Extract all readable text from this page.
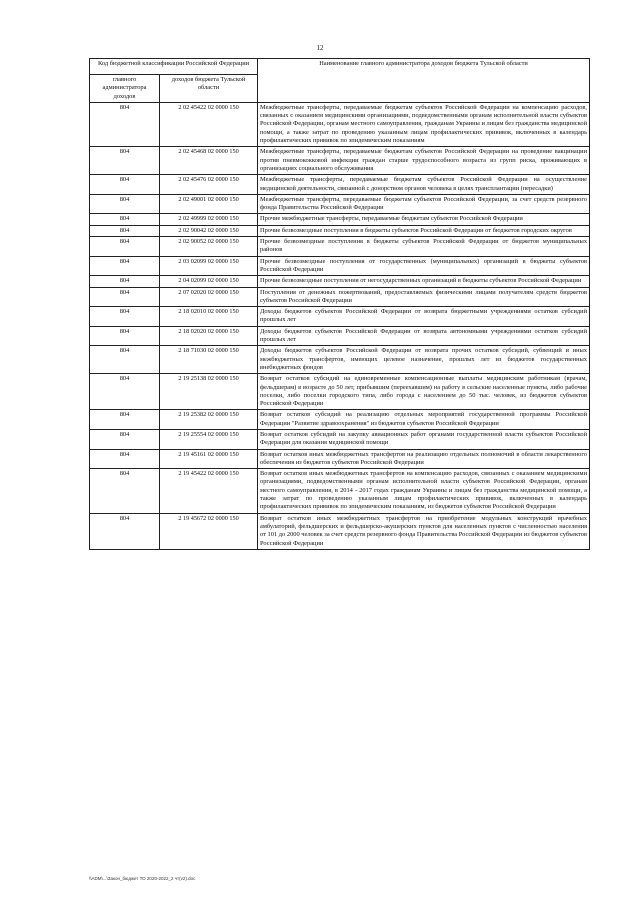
12
Код бюджетной классификации Российской Федерации		Наименование главного администратора доходов бюджета Тульской области
главного администратора доходов	доходов бюджета Тульской области	
804	2 02 45422 02 0000 150	Межбюджетные трансферты, передаваемые бюджетам субъектов Российской Федерации на компенсацию расходов, связанных с оказанием медицинскими организациями, подведомственными органам исполнительной власти субъектов Российской Федерации, органам местного самоуправления, гражданам Украины и лицам без гражданства медицинской помощи, а также затрат по проведению указанным лицам профилактических прививок, включенных в календарь профилактических прививок по эпидемическим показаниям
804	2 02 45468 02 0000 150	Межбюджетные трансферты, передаваемые бюджетам субъектов Российской Федерации на проведение вакцинации против пневмококковой инфекции граждан старше трудоспособного возраста из групп риска, проживающих в организациях социального обслуживания
804	2 02 45476 02 0000 150	Межбюджетные трансферты, передаваемые бюджетам субъектов Российской Федерации на осуществление медицинской деятельности, связанной с донорством органов человека в целях трансплантации (пересадки)
804	2 02 49001 02 0000 150	Межбюджетные трансферты, передаваемые бюджетам субъектов Российской Федерации, за счет средств резервного фонда Правительства Российской Федерации
804	2 02 49999 02 0000 150	Прочие межбюджетные трансферты, передаваемые бюджетам субъектов Российской Федерации
804	2 02 90042 02 0000 150	Прочие безвозмездные поступления в бюджеты субъектов Российской Федерации от бюджетов городских округов
804	2 02 90052 02 0000 150	Прочие безвозмездные поступления в бюджеты субъектов Российской Федерации от бюджетов муниципальных районов
804	2 03 02099 02 0000 150	Прочие безвозмездные поступления от государственных (муниципальных) организаций в бюджеты субъектов Российской Федерации
804	2 04 02099 02 0000 150	Прочие безвозмездные поступления от негосударственных организаций в бюджеты субъектов Российской Федерации
804	2 07 02020 02 0000 150	Поступления от денежных пожертвований, предоставляемых физическими лицами получателям средств бюджетов субъектов Российской Федерации
804	2 18 02010 02 0000 150	Доходы бюджетов субъектов Российской Федерации от возврата бюджетными учреждениями остатков субсидий прошлых лет
804	2 18 02020 02 0000 150	Доходы бюджетов субъектов Российской Федерации от возврата автономными учреждениями остатков субсидий прошлых лет
804	2 18 71030 02 0000 150	Доходы бюджетов субъектов Российской Федерации от возврата прочих остатков субсидий, субвенций и иных межбюджетных трансфертов, имеющих целевое назначение, прошлых лет из бюджетов государственных внебюджетных фондов
804	2 19 25138 02 0000 150	Возврат остатков субсидий на единовременные компенсационные выплаты медицинским работникам (врачам, фельдшерам) в возрасте до 50 лет, прибывшим (переехавшим) на работу в сельские населенные пункты, либо рабочие поселки, либо поселки городского типа, либо города с населением до 50 тыс. человек, из бюджетов субъектов Российской Федерации
804	2 19 25382 02 0000 150	Возврат остатков субсидий на реализацию отдельных мероприятий государственной программы Российской Федерации "Развитие здравоохранения" из бюджетов субъектов Российской Федерации
804	2 19 25554 02 0000 150	Возврат остатков субсидий на закупку авиационных работ органами государственной власти субъектов Российской Федерации для оказания медицинской помощи
804	2 19 45161 02 0000 150	Возврат остатков иных межбюджетных трансфертов на реализацию отдельных полномочий в области лекарственного обеспечения из бюджетов субъектов Российской Федерации
804	2 19 45422 02 0000 150	Возврат остатков иных межбюджетных трансфертов на компенсацию расходов, связанных с оказанием медицинскими организациями, подведомственными органам исполнительной власти субъектов Российской Федерации, органам местного самоуправления, в 2014 - 2017 годах гражданам Украины и лицам без гражданства медицинской помощи, а также затрат по проведению указанным лицам профилактических прививок, включенных в календарь профилактических прививок по эпидемическим показаниям, из бюджетов субъектов Российской Федерации
804	2 19 45672 02 0000 150	Возврат остатков иных межбюджетных трансфертов на приобретение модульных конструкций врачебных амбулаторий, фельдшерских и фельдшерско-акушерских пунктов для населенных пунктов с численностью населения от 101 до 2000 человек за счет средств резервного фонда Правительства Российской Федерации из бюджетов субъектов Российской Федерации
\\ADM\...\Закон_бюджет ТО 2020-2022_2 чт(v2).doc
